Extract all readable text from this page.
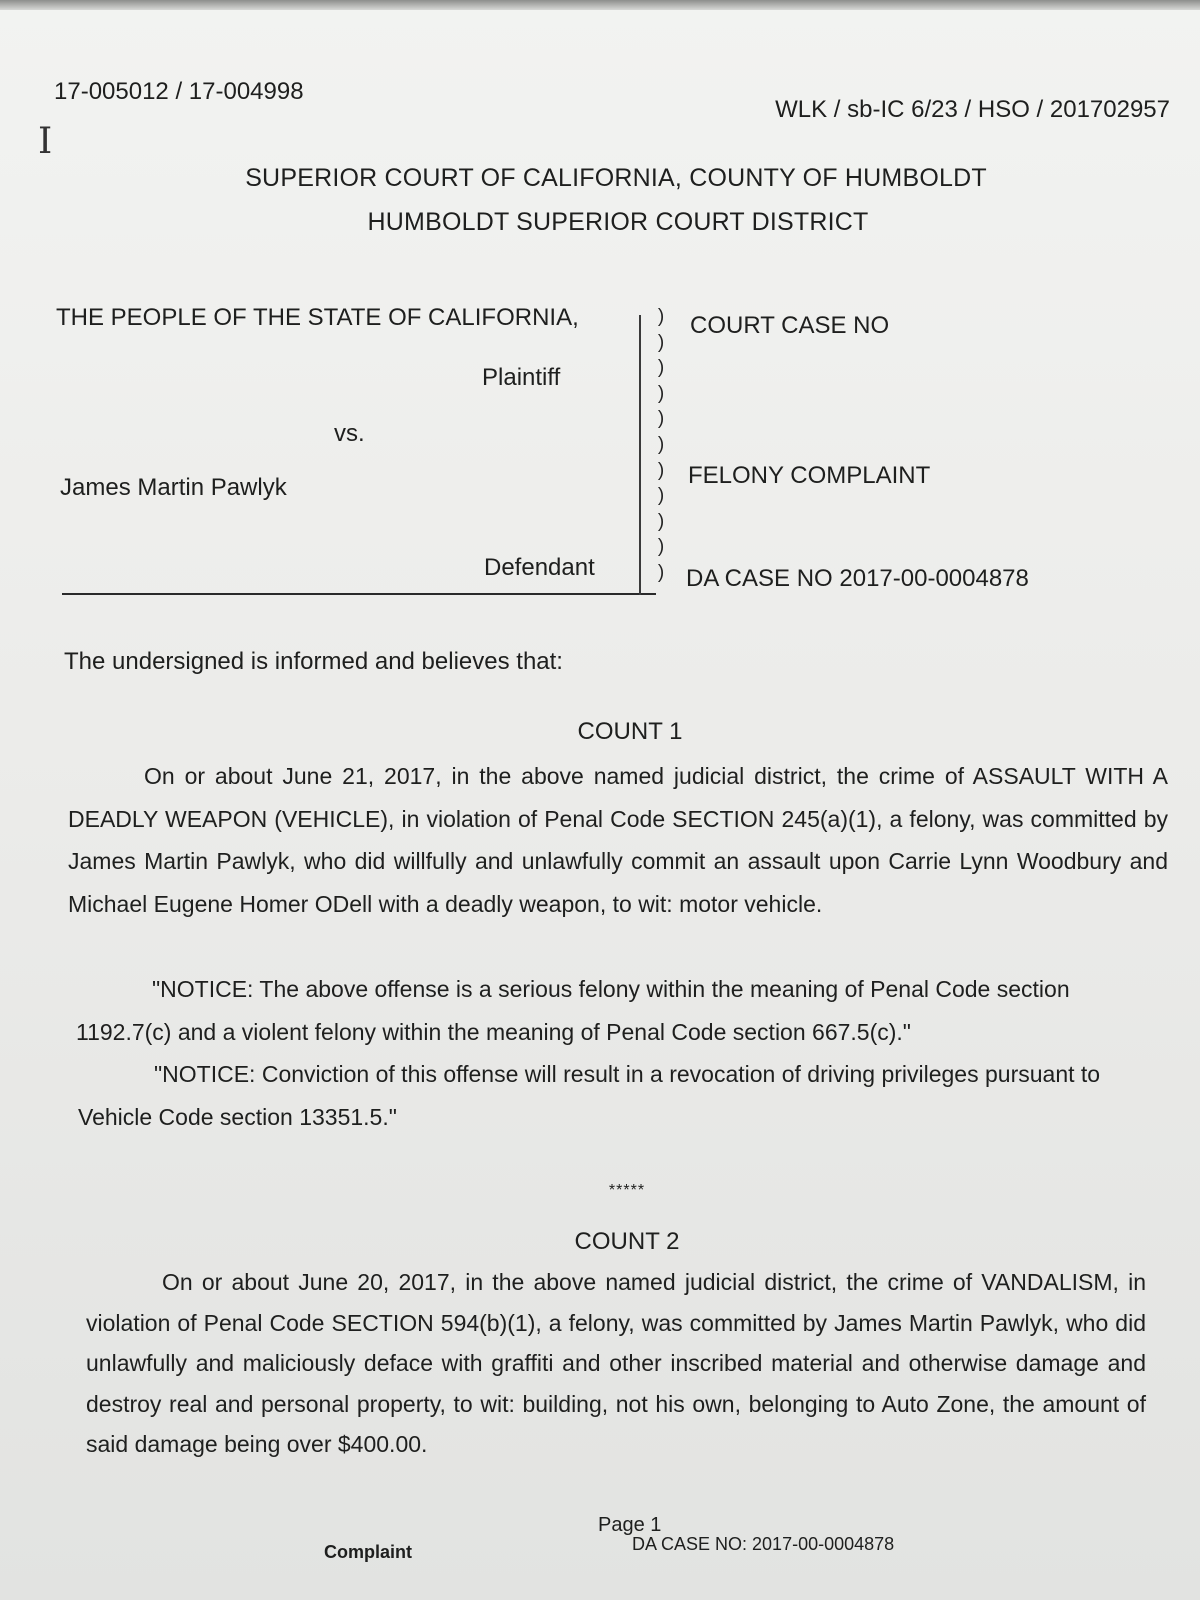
17-005012 / 17-004998
WLK / sb-IC 6/23 / HSO / 201702957
I
SUPERIOR COURT OF CALIFORNIA, COUNTY OF HUMBOLDT
HUMBOLDT SUPERIOR COURT DISTRICT
THE PEOPLE OF THE STATE OF CALIFORNIA,
Plaintiff
vs.
James Martin Pawlyk
Defendant
)
)
)
)
)
)
)
)
)
)
)
COURT CASE NO
FELONY COMPLAINT
DA CASE NO 2017-00-0004878
The undersigned is informed and believes that:
COUNT 1
On or about June 21, 2017, in the above named judicial district, the crime of ASSAULT WITH A DEADLY WEAPON (VEHICLE), in violation of Penal Code SECTION 245(a)(1), a felony, was committed by James Martin Pawlyk, who did willfully and unlawfully commit an assault upon Carrie Lynn Woodbury and Michael Eugene Homer ODell with a deadly weapon, to wit: motor vehicle.
"NOTICE: The above offense is a serious felony within the meaning of Penal Code section 1192.7(c) and a violent felony within the meaning of Penal Code section 667.5(c)."
"NOTICE: Conviction of this offense will result in a revocation of driving privileges pursuant to Vehicle Code section 13351.5."
*****
COUNT 2
On or about June 20, 2017, in the above named judicial district, the crime of VANDALISM, in violation of Penal Code SECTION 594(b)(1), a felony, was committed by James Martin Pawlyk, who did unlawfully and maliciously deface with graffiti and other inscribed material and otherwise damage and destroy real and personal property, to wit: building, not his own, belonging to Auto Zone, the amount of said damage being over $400.00.
Page 1
Complaint	DA CASE NO: 2017-00-0004878
